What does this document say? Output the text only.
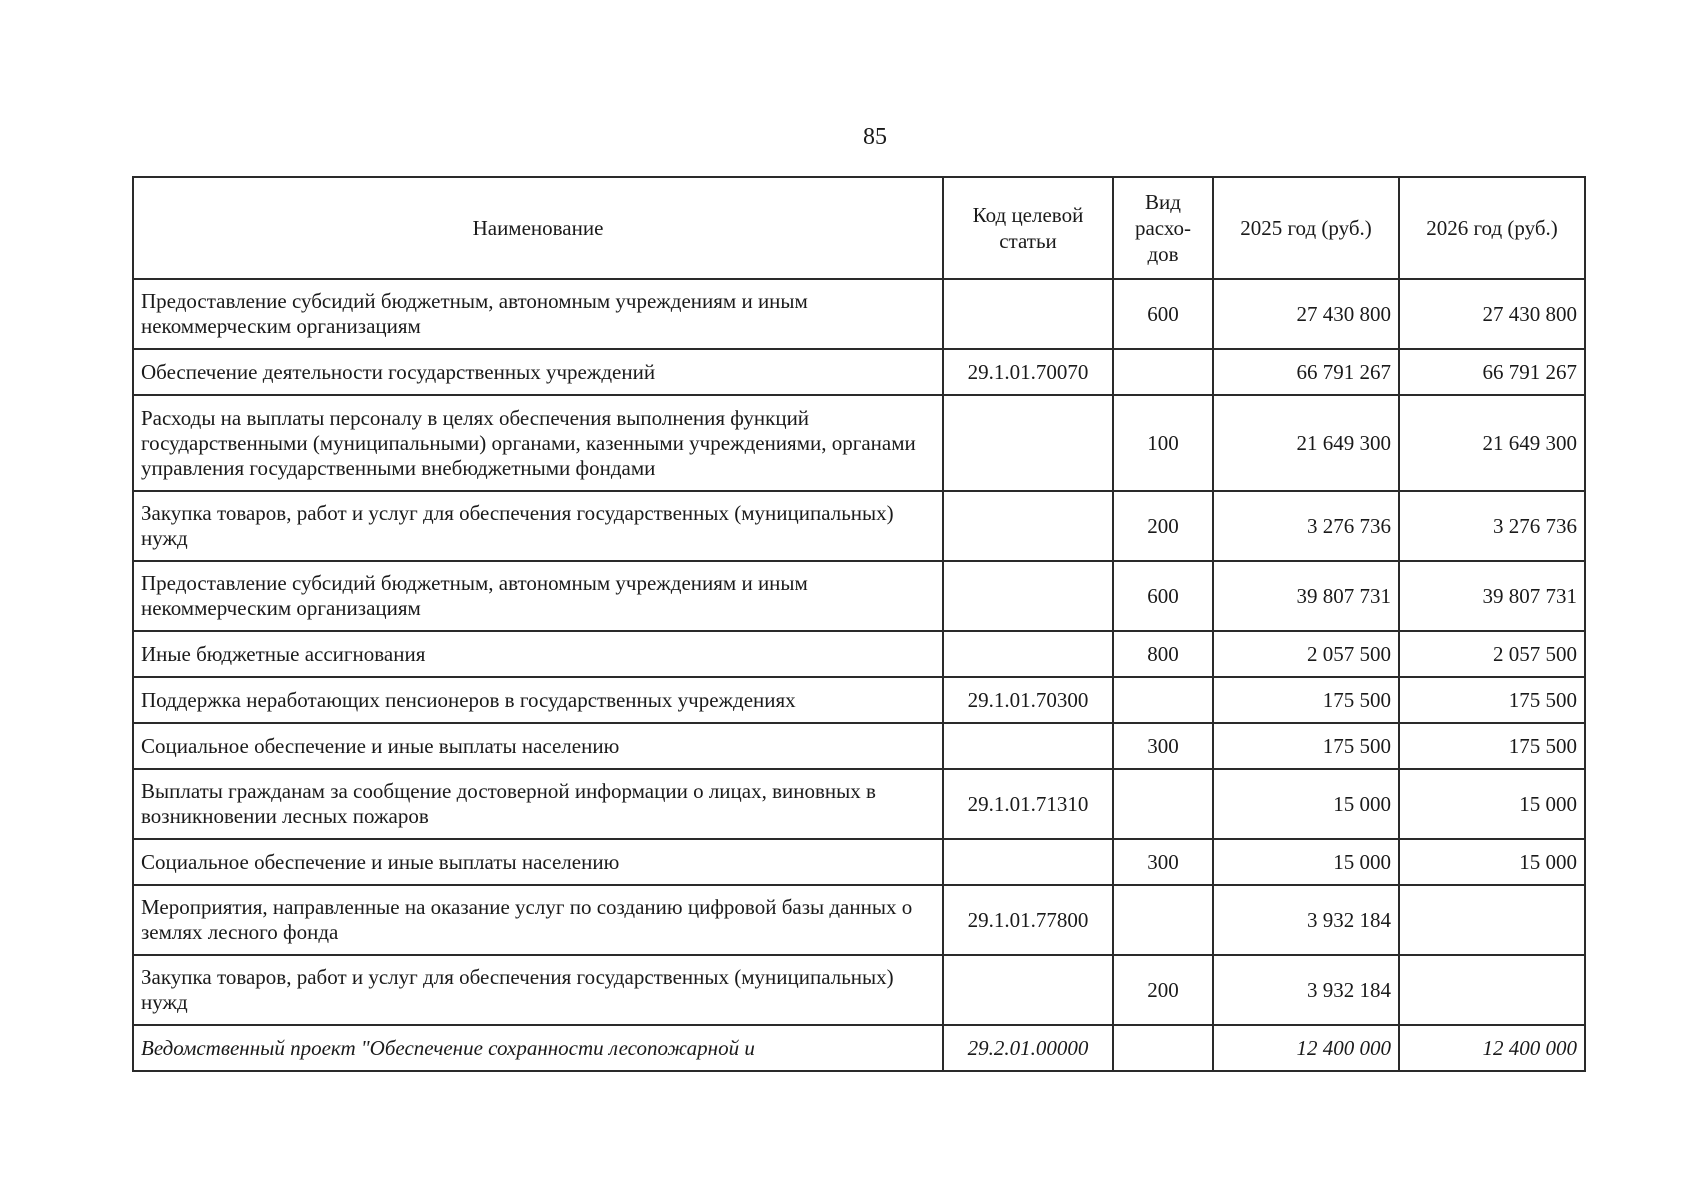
85
Наименование	Код целевой статьи	Вид расхо-дов	2025 год (руб.)	2026 год (руб.)
Предоставление субсидий бюджетным, автономным учреждениям и иным некоммерческим организациям		600	27 430 800	27 430 800
Обеспечение деятельности государственных учреждений	29.1.01.70070		66 791 267	66 791 267
Расходы на выплаты персоналу в целях обеспечения выполнения функций государственными (муниципальными) органами, казенными учреждениями, органами управления государственными внебюджетными фондами		100	21 649 300	21 649 300
Закупка товаров, работ и услуг для обеспечения государственных (муниципальных) нужд		200	3 276 736	3 276 736
Предоставление субсидий бюджетным, автономным учреждениям и иным некоммерческим организациям		600	39 807 731	39 807 731
Иные бюджетные ассигнования		800	2 057 500	2 057 500
Поддержка неработающих пенсионеров в государственных учреждениях	29.1.01.70300		175 500	175 500
Социальное обеспечение и иные выплаты населению		300	175 500	175 500
Выплаты гражданам за сообщение достоверной информации о лицах, виновных в возникновении лесных пожаров	29.1.01.71310		15 000	15 000
Социальное обеспечение и иные выплаты населению		300	15 000	15 000
Мероприятия, направленные на оказание услуг по созданию цифровой базы данных о землях лесного фонда	29.1.01.77800		3 932 184	
Закупка товаров, работ и услуг для обеспечения государственных (муниципальных) нужд		200	3 932 184	
Ведомственный проект "Обеспечение сохранности лесопожарной и	29.2.01.00000		12 400 000	12 400 000
